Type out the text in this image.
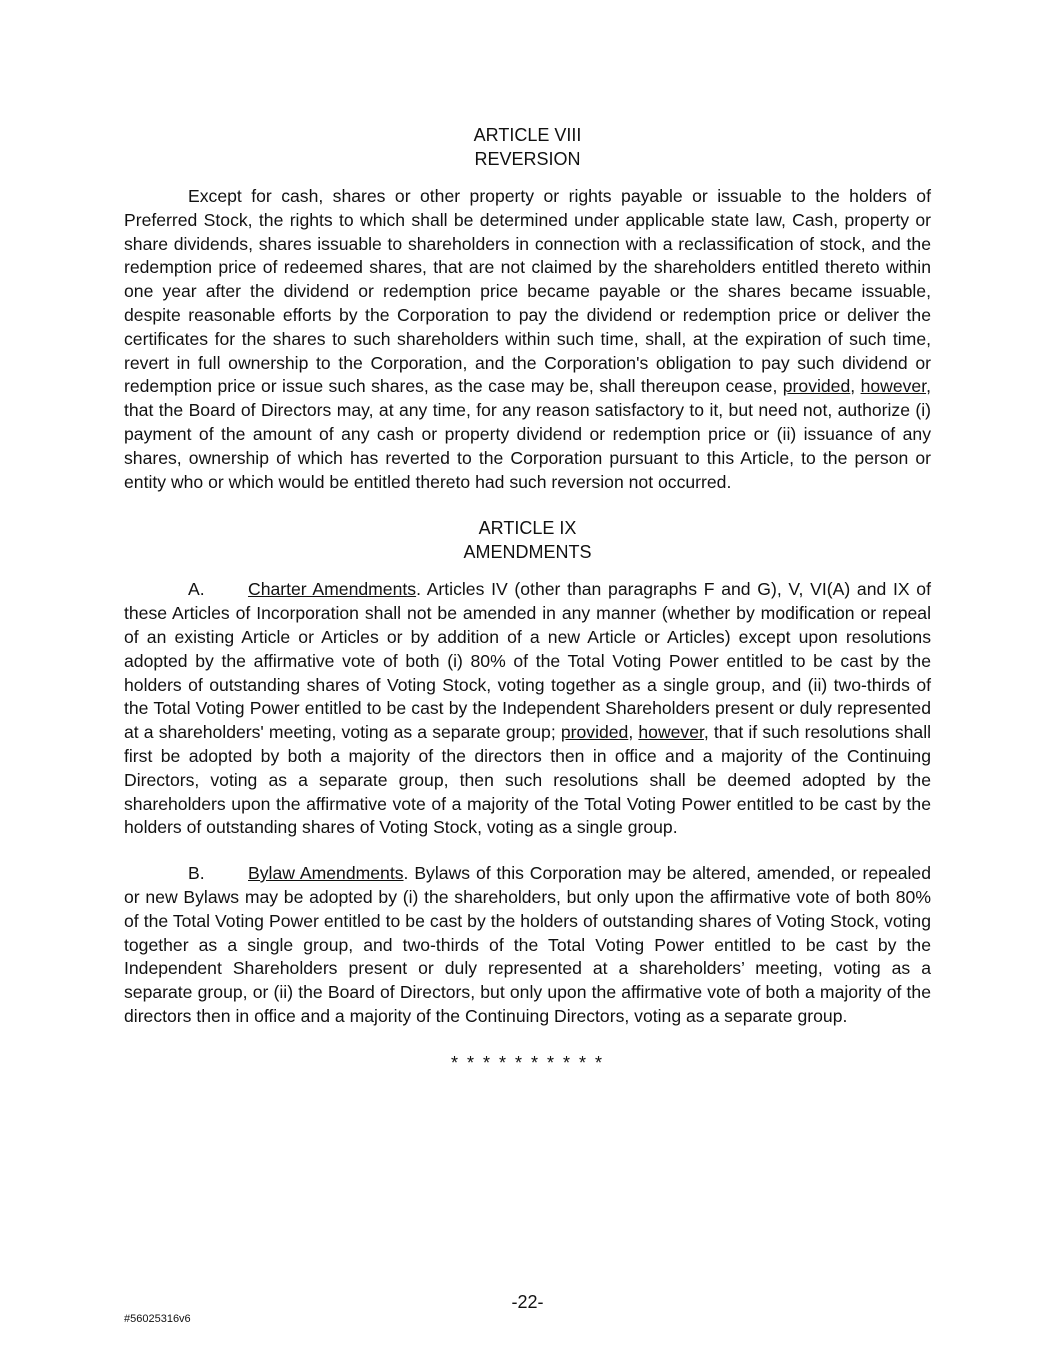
ARTICLE VIII

REVERSION

Except for cash, shares or other property or rights payable or issuable to the holders of Preferred Stock, the rights to which shall be determined under applicable state law, Cash, property or share dividends, shares issuable to shareholders in connection with a reclassification of stock, and the redemption price of redeemed shares, that are not claimed by the shareholders entitled thereto within one year after the dividend or redemption price became payable or the shares became issuable, despite reasonable efforts by the Corporation to pay the dividend or redemption price or deliver the certificates for the shares to such shareholders within such time, shall, at the expiration of such time, revert in full ownership to the Corporation, and the Corporation's obligation to pay such dividend or redemption price or issue such shares, as the case may be, shall thereupon cease, provided, however, that the Board of Directors may, at any time, for any reason satisfactory to it, but need not, authorize (i) payment of the amount of any cash or property dividend or redemption price or (ii) issuance of any shares, ownership of which has reverted to the Corporation pursuant to this Article, to the person or entity who or which would be entitled thereto had such reversion not occurred.

ARTICLE IX

AMENDMENTS

A. Charter Amendments. Articles IV (other than paragraphs F and G), V, VI(A) and IX of these Articles of Incorporation shall not be amended in any manner (whether by modification or repeal of an existing Article or Articles or by addition of a new Article or Articles) except upon resolutions adopted by the affirmative vote of both (i) 80% of the Total Voting Power entitled to be cast by the holders of outstanding shares of Voting Stock, voting together as a single group, and (ii) two-thirds of the Total Voting Power entitled to be cast by the Independent Shareholders present or duly represented at a shareholders' meeting, voting as a separate group; provided, however, that if such resolutions shall first be adopted by both a majority of the directors then in office and a majority of the Continuing Directors, voting as a separate group, then such resolutions shall be deemed adopted by the shareholders upon the affirmative vote of a majority of the Total Voting Power entitled to be cast by the holders of outstanding shares of Voting Stock, voting as a single group.

B. Bylaw Amendments. Bylaws of this Corporation may be altered, amended, or repealed or new Bylaws may be adopted by (i) the shareholders, but only upon the affirmative vote of both 80% of the Total Voting Power entitled to be cast by the holders of outstanding shares of Voting Stock, voting together as a single group, and two-thirds of the Total Voting Power entitled to be cast by the Independent Shareholders present or duly represented at a shareholders’ meeting, voting as a separate group, or (ii) the Board of Directors, but only upon the affirmative vote of both a majority of the directors then in office and a majority of the Continuing Directors, voting as a separate group.

* * * * * * * * * *

-22-
#56025316v6
